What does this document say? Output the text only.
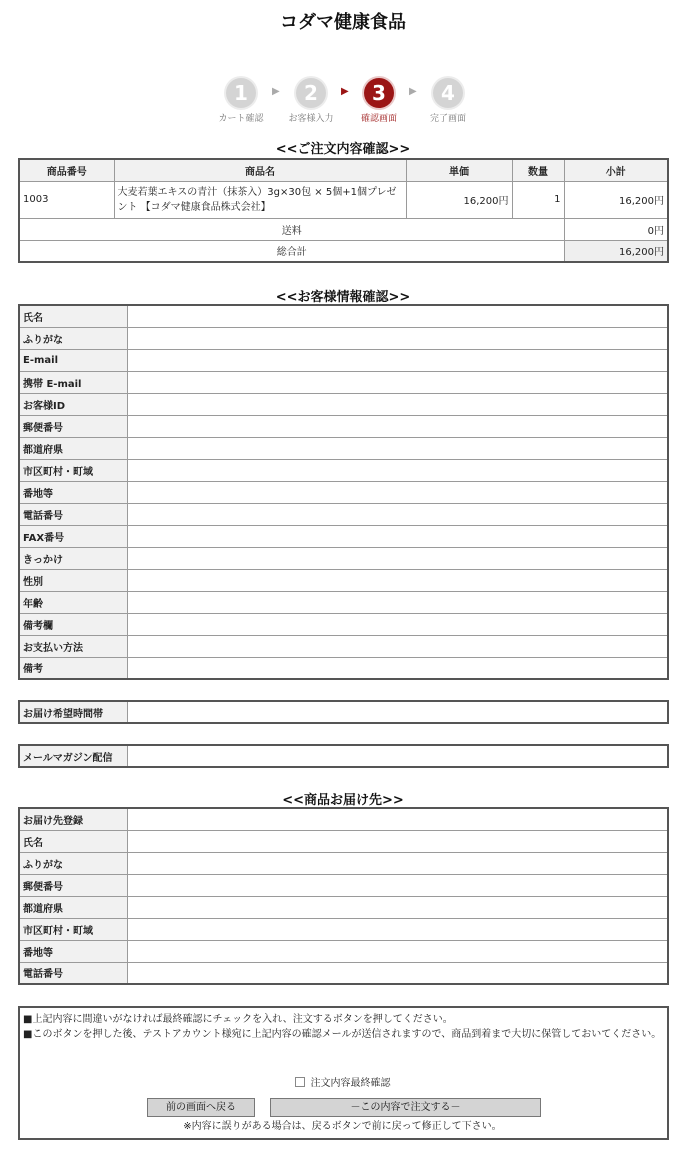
コダマ健康食品
1
カート確認
▶	2
お客様入力
▶	3
確認画面
▶	4
完了画面
<<ご注文内容確認>>
商品番号	商品名	単価	数量	小計
1003	大麦若葉エキスの青汁（抹茶入）3g×30包 × 5個+1個プレゼント 【コダマ健康食品株式会社】	16,200円	1	16,200円
送料				0円
総合計				16,200円
<<お客様情報確認>>
氏名	
ふりがな	
E-mail	
携帯 E-mail	
お客様ID	
郵便番号	
都道府県	
市区町村・町域	
番地等	
電話番号	
FAX番号	
きっかけ	
性別	
年齢	
備考欄	
お支払い方法	
備考	
お届け希望時間帯	
メールマガジン配信	
<<商品お届け先>>
お届け先登録	
氏名	
ふりがな	
郵便番号	
都道府県	
市区町村・町域	
番地等	
電話番号	

■上記内容に間違いがなければ最終確認にチェックを入れ、注文するボタンを押してください。

■このボタンを押した後、テストアカウント様宛に上記内容の確認メールが送信されますので、商品到着まで大切に保管しておいてください。

注文内容最終確認
前の画面へ戻る	－この内容で注文する－
※内容に誤りがある場合は、戻るボタンで前に戻って修正して下さい。
